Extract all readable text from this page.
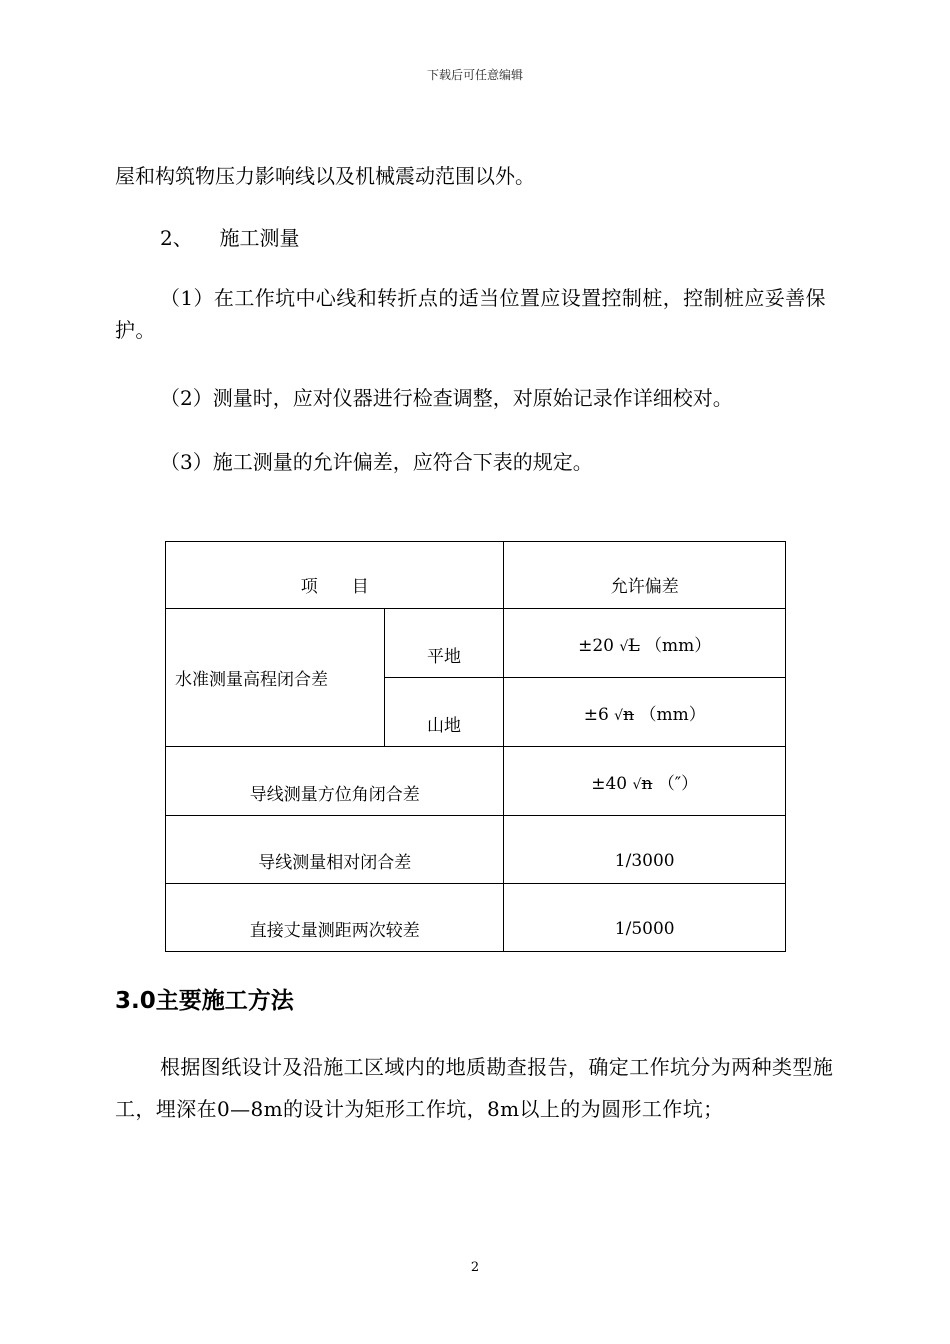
下载后可任意编辑
屋和构筑物压力影响线以及机械震动范围以外。
2、 施工测量
（1）在工作坑中心线和转折点的适当位置应设置控制桩，控制桩应妥善保护。
（2）测量时，应对仪器进行检查调整，对原始记录作详细校对。
（3）施工测量的允许偏差，应符合下表的规定。
项　　目		允许偏差
水准测量高程闭合差	平地	±20 √L （mm）
	山地	±6 √n （mm）
导线测量方位角闭合差		±40 √n （″）
导线测量相对闭合差		1/3000
直接丈量测距两次较差		1/5000
3.0主要施工方法
根据图纸设计及沿施工区域内的地质勘查报告，确定工作坑分为两种类型施工，埋深在0—8m的设计为矩形工作坑，8m以上的为圆形工作坑；
2
